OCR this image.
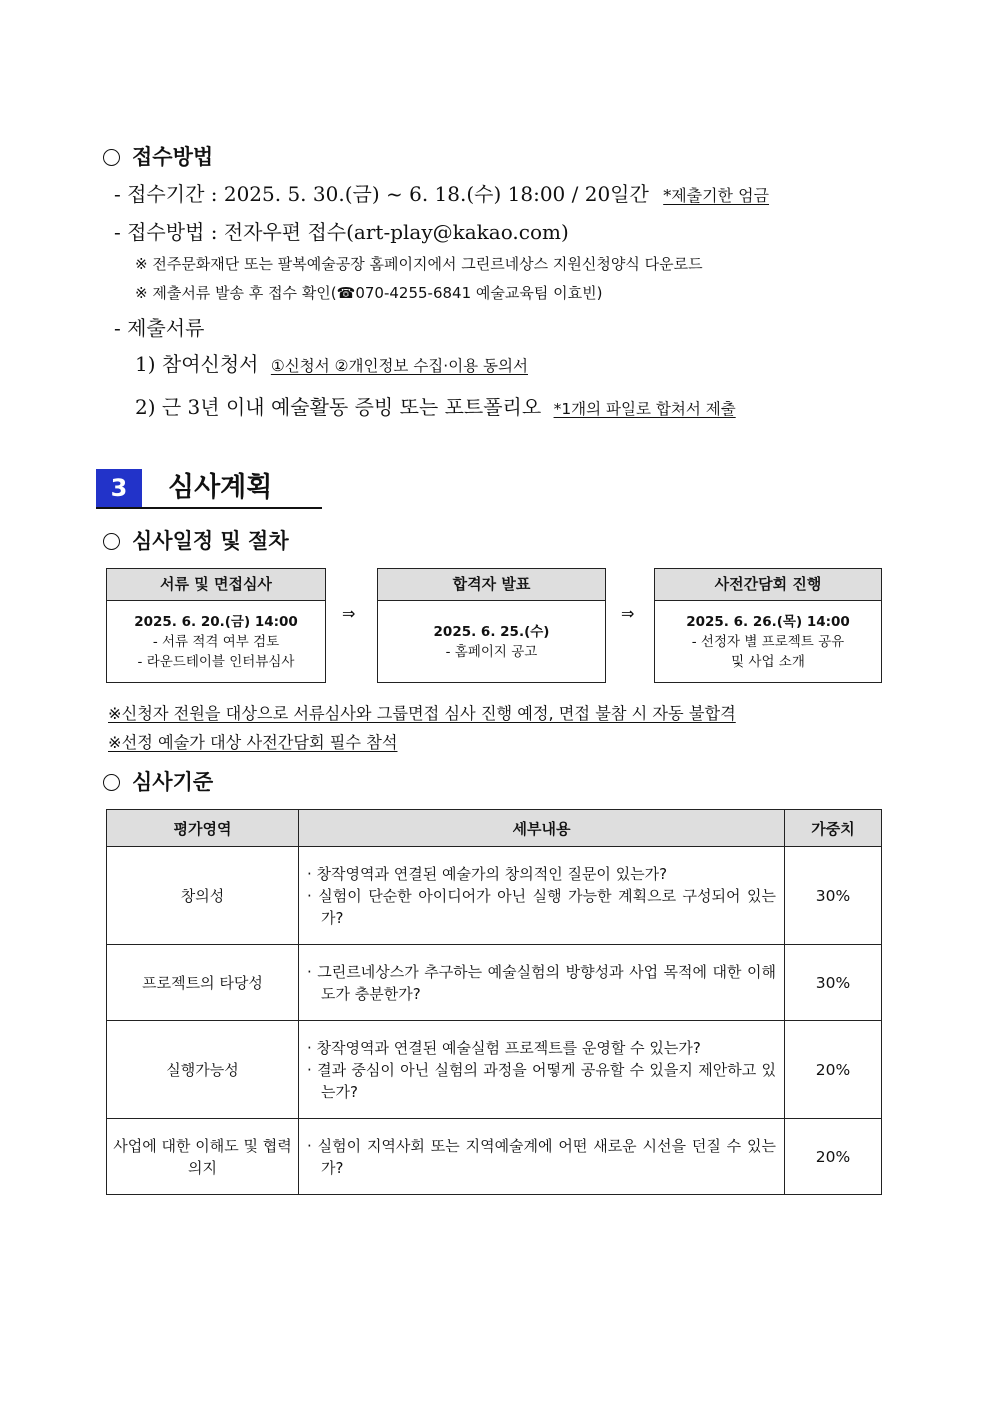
접수방법
- 접수기간 : 2025. 5. 30.(금) ~ 6. 18.(수) 18:00 / 20일간 *제출기한 엄금
- 접수방법 : 전자우편 접수(art-play@kakao.com)
※ 전주문화재단 또는 팔복예술공장 홈페이지에서 그린르네상스 지원신청양식 다운로드
※ 제출서류 발송 후 접수 확인(☎070-4255-6841 예술교육팀 이효빈)
- 제출서류
1) 참여신청서 ①신청서 ②개인정보 수집·이용 동의서
2) 근 3년 이내 예술활동 증빙 또는 포트폴리오 *1개의 파일로 합쳐서 제출
3	심사계획
심사일정 및 절차
서류 및 면접심사
2025. 6. 20.(금) 14:00
- 서류 적격 여부 검토
- 라운드테이블 인터뷰심사
⇒
합격자 발표
2025. 6. 25.(수)
- 홈페이지 공고
⇒
사전간담회 진행
2025. 6. 26.(목) 14:00
- 선정자 별 프로젝트 공유
및 사업 소개
※신청자 전원을 대상으로 서류심사와 그룹면접 심사 진행 예정, 면접 불참 시 자동 불합격
※선정 예술가 대상 사전간담회 필수 참석
심사기준
평가영역	세부내용	가중치
창의성	· 창작영역과 연결된 예술가의 창의적인 질문이 있는가?
· 실험이 단순한 아이디어가 아닌 실행 가능한 계획으로 구성되어 있는가?	30%
프로젝트의 타당성	· 그린르네상스가 추구하는 예술실험의 방향성과 사업 목적에 대한 이해도가 충분한가?	30%
실행가능성	· 창작영역과 연결된 예술실험 프로젝트를 운영할 수 있는가?
· 결과 중심이 아닌 실험의 과정을 어떻게 공유할 수 있을지 제안하고 있는가?	20%
사업에 대한 이해도 및 협력의지	· 실험이 지역사회 또는 지역예술계에 어떤 새로운 시선을 던질 수 있는가?	20%
